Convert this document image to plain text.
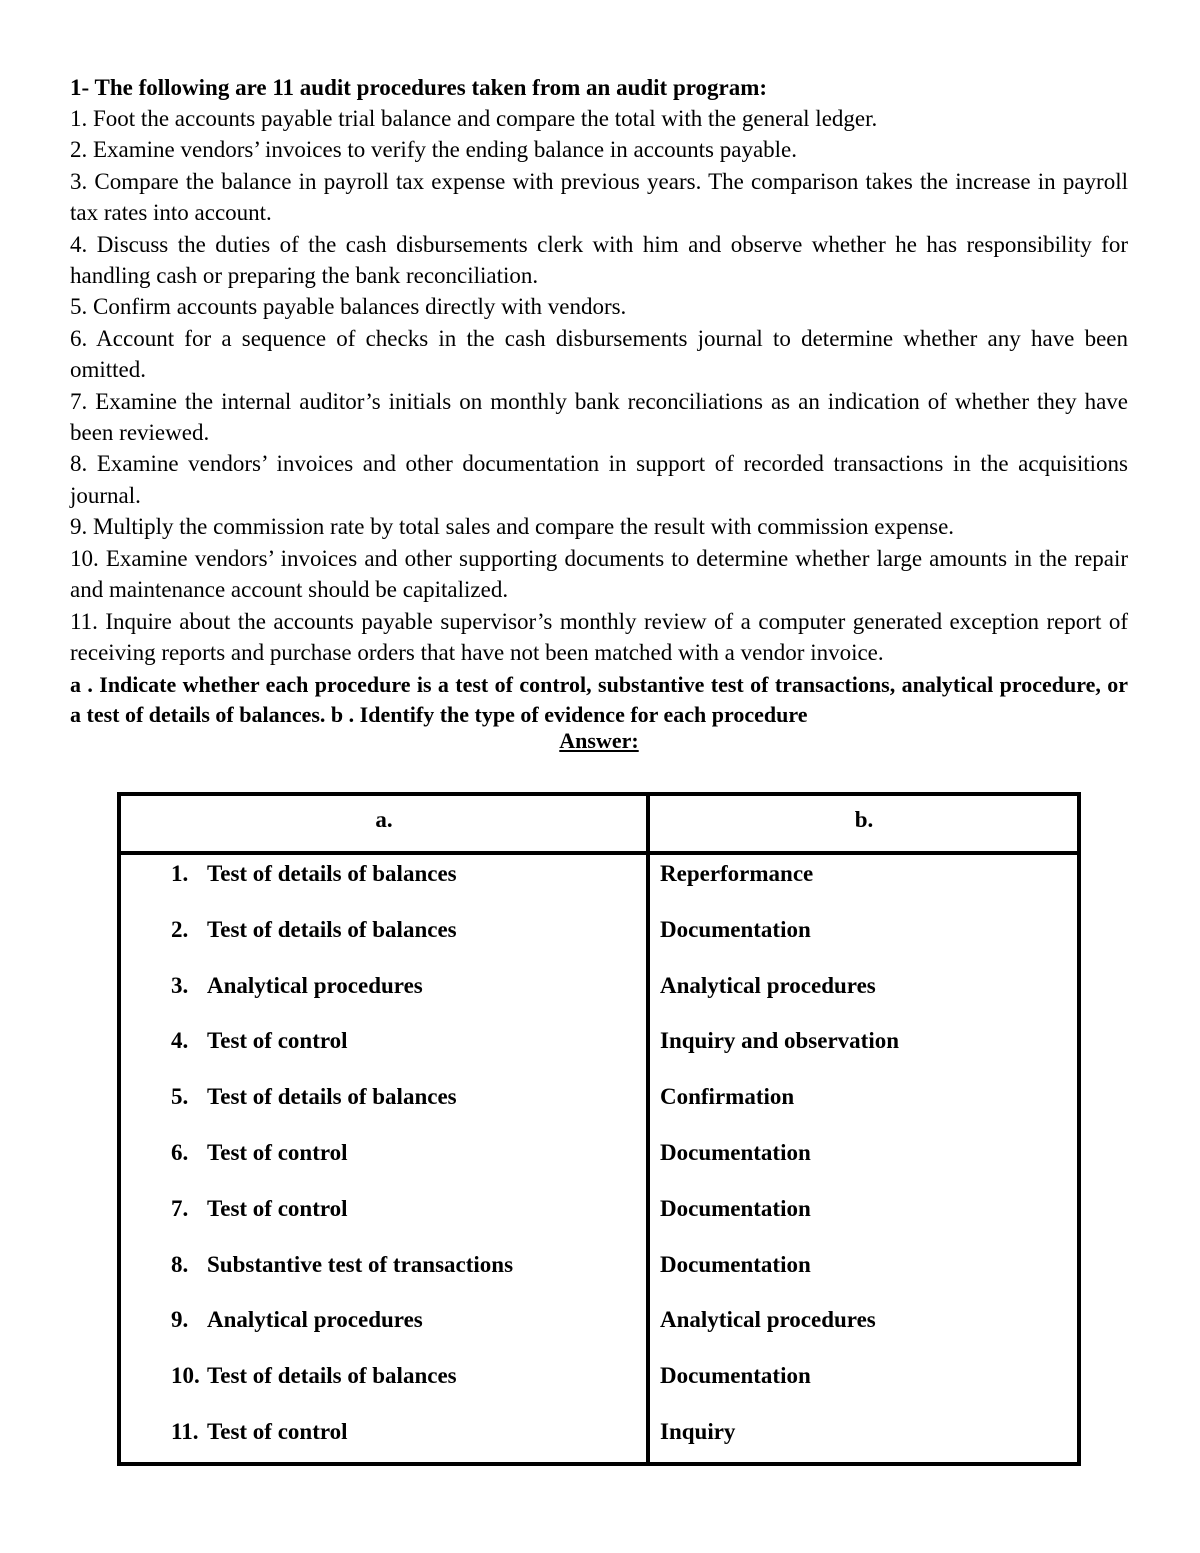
1- The following are 11 audit procedures taken from an audit program:

1. Foot the accounts payable trial balance and compare the total with the general ledger.

2. Examine vendors’ invoices to verify the ending balance in accounts payable.

3. Compare the balance in payroll tax expense with previous years. The comparison takes the increase in payroll tax rates into account.

4. Discuss the duties of the cash disbursements clerk with him and observe whether he has responsibility for handling cash or preparing the bank reconciliation.

5. Confirm accounts payable balances directly with vendors.

6. Account for a sequence of checks in the cash disbursements journal to determine whether any have been omitted.

7. Examine the internal auditor’s initials on monthly bank reconciliations as an indication of whether they have been reviewed.

8. Examine vendors’ invoices and other documentation in support of recorded transactions in the acquisitions journal.

9. Multiply the commission rate by total sales and compare the result with commission expense.

10. Examine vendors’ invoices and other supporting documents to determine whether large amounts in the repair and maintenance account should be capitalized.

11. Inquire about the accounts payable supervisor’s monthly review of a computer generated exception report of receiving reports and purchase orders that have not been matched with a vendor invoice.

a . Indicate whether each procedure is a test of control, substantive test of transactions, analytical procedure, or a test of details of balances. b . Identify the type of evidence for each procedure

Answer:

a.	b.
1. Test of details of balances	Reperformance
2. Test of details of balances	Documentation
3. Analytical procedures	Analytical procedures
4. Test of control	Inquiry and observation
5. Test of details of balances	Confirmation
6. Test of control	Documentation
7. Test of control	Documentation
8. Substantive test of transactions	Documentation
9. Analytical procedures	Analytical procedures
10. Test of details of balances	Documentation
11. Test of control	Inquiry
